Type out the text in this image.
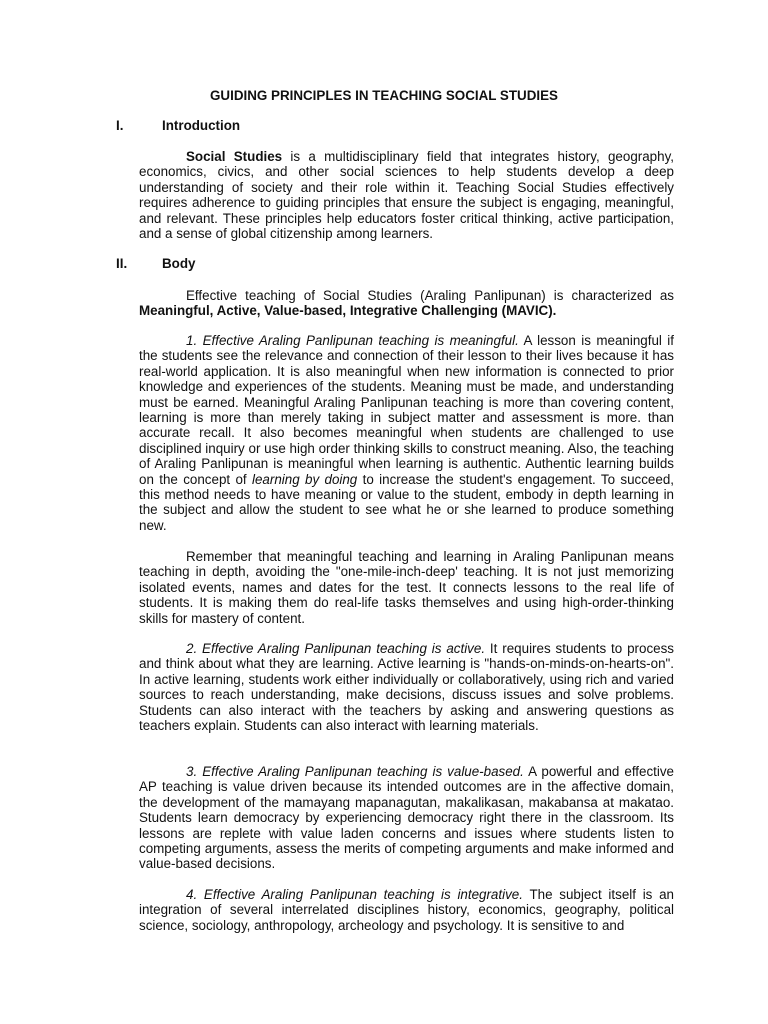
GUIDING PRINCIPLES IN TEACHING SOCIAL STUDIES
I.	Introduction

Social Studies is a multidisciplinary field that integrates history, geography, economics, civics, and other social sciences to help students develop a deep understanding of society and their role within it. Teaching Social Studies effectively requires adherence to guiding principles that ensure the subject is engaging, meaningful, and relevant. These principles help educators foster critical thinking, active participation, and a sense of global citizenship among learners.

II.	Body

Effective teaching of Social Studies (Araling Panlipunan) is characterized as Meaningful, Active, Value-based, Integrative Challenging (MAVIC).

1. Effective Araling Panlipunan teaching is meaningful. A lesson is meaningful if the students see the relevance and connection of their lesson to their lives because it has real-world application. It is also meaningful when new information is connected to prior knowledge and experiences of the students. Meaning must be made, and understanding must be earned. Meaningful Araling Panlipunan teaching is more than covering content, learning is more than merely taking in subject matter and assessment is more. than accurate recall. It also becomes meaningful when students are challenged to use disciplined inquiry or use high order thinking skills to construct meaning. Also, the teaching of Araling Panlipunan is meaningful when learning is authentic. Authentic learning builds on the concept of learning by doing to increase the student's engagement. To succeed, this method needs to have meaning or value to the student, embody in depth learning in the subject and allow the student to see what he or she learned to produce something new.

Remember that meaningful teaching and learning in Araling Panlipunan means teaching in depth, avoiding the "one-mile-inch-deep' teaching. It is not just memorizing isolated events, names and dates for the test. It connects lessons to the real life of students. It is making them do real-life tasks themselves and using high-order-thinking skills for mastery of content.

2. Effective Araling Panlipunan teaching is active. It requires students to process and think about what they are learning. Active learning is "hands-on-minds-on-hearts-on". In active learning, students work either individually or collaboratively, using rich and varied sources to reach understanding, make decisions, discuss issues and solve problems. Students can also interact with the teachers by asking and answering questions as teachers explain. Students can also interact with learning materials.

3. Effective Araling Panlipunan teaching is value-based. A powerful and effective AP teaching is value driven because its intended outcomes are in the affective domain, the development of the mamayang mapanagutan, makalikasan, makabansa at makatao. Students learn democracy by experiencing democracy right there in the classroom. Its lessons are replete with value laden concerns and issues where students listen to competing arguments, assess the merits of competing arguments and make informed and value-based decisions.

4. Effective Araling Panlipunan teaching is integrative. The subject itself is an integration of several interrelated disciplines history, economics, geography, political science, sociology, anthropology, archeology and psychology. It is sensitive to and
